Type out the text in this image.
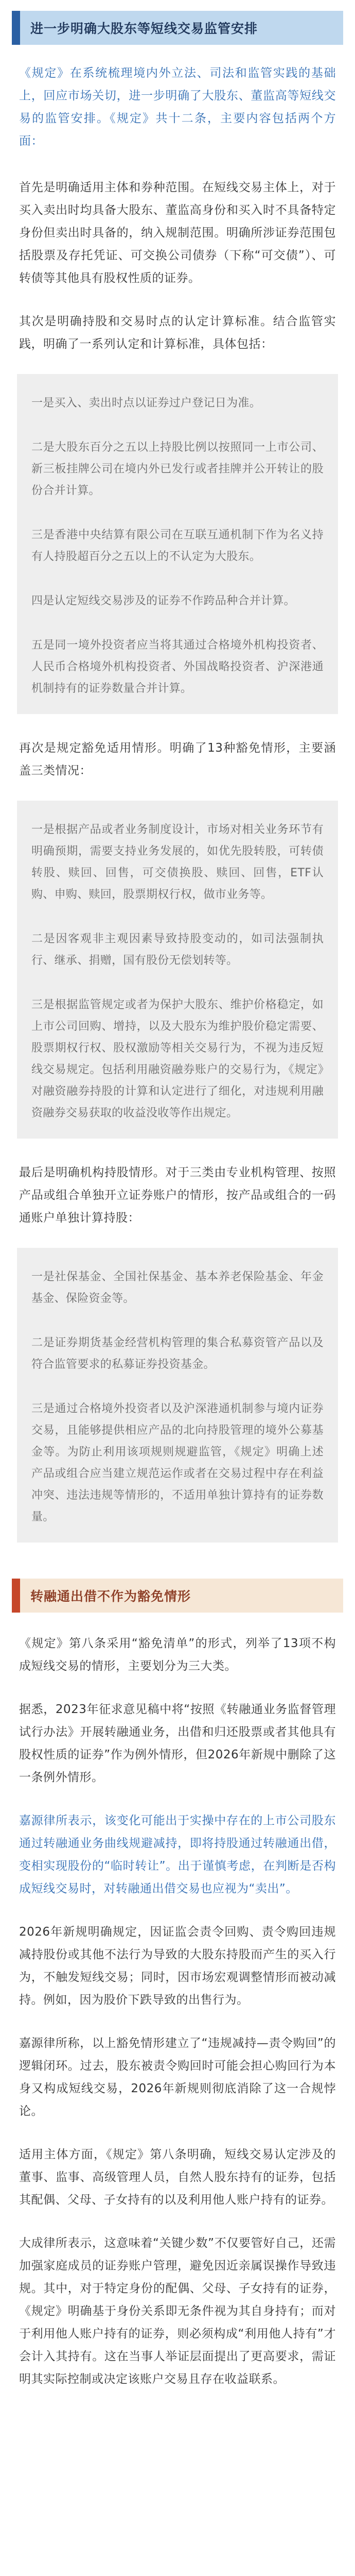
进一步明确大股东等短线交易监管安排

《规定》在系统梳理境内外立法、司法和监管实践的基础上，回应市场关切，进一步明确了大股东、董监高等短线交易的监管安排。《规定》共十二条，主要内容包括两个方面：

首先是明确适用主体和券种范围。在短线交易主体上，对于买入卖出时均具备大股东、董监高身份和买入时不具备特定身份但卖出时具备的，纳入规制范围。明确所涉证券范围包括股票及存托凭证、可交换公司债券（下称“可交债”）、可转债等其他具有股权性质的证券。

其次是明确持股和交易时点的认定计算标准。结合监管实践，明确了一系列认定和计算标准，具体包括：

一是买入、卖出时点以证券过户登记日为准。

二是大股东百分之五以上持股比例以按照同一上市公司、新三板挂牌公司在境内外已发行或者挂牌并公开转让的股份合并计算。

三是香港中央结算有限公司在互联互通机制下作为名义持有人持股超百分之五以上的不认定为大股东。

四是认定短线交易涉及的证券不作跨品种合并计算。

五是同一境外投资者应当将其通过合格境外机构投资者、人民币合格境外机构投资者、外国战略投资者、沪深港通机制持有的证券数量合并计算。

再次是规定豁免适用情形。明确了13种豁免情形，主要涵盖三类情况：

一是根据产品或者业务制度设计，市场对相关业务环节有明确预期，需要支持业务发展的，如优先股转股，可转债转股、赎回、回售，可交债换股、赎回、回售，ETF认购、申购、赎回，股票期权行权，做市业务等。

二是因客观非主观因素导致持股变动的，如司法强制执行、继承、捐赠，国有股份无偿划转等。

三是根据监管规定或者为保护大股东、维护价格稳定，如上市公司回购、增持，以及大股东为维护股价稳定需要、股票期权行权、股权激励等相关交易行为，不视为违反短线交易规定。包括利用融资融券账户的交易行为，《规定》对融资融券持股的计算和认定进行了细化，对违规利用融资融券交易获取的收益没收等作出规定。

最后是明确机构持股情形。对于三类由专业机构管理、按照产品或组合单独开立证券账户的情形，按产品或组合的一码通账户单独计算持股：

一是社保基金、全国社保基金、基本养老保险基金、年金基金、保险资金等。

二是证券期货基金经营机构管理的集合私募资管产品以及符合监管要求的私募证券投资基金。

三是通过合格境外投资者以及沪深港通机制参与境内证券交易，且能够提供相应产品的北向持股管理的境外公募基金等。为防止利用该项规则规避监管，《规定》明确上述产品或组合应当建立规范运作或者在交易过程中存在利益冲突、违法违规等情形的，不适用单独计算持有的证券数量。

转融通出借不作为豁免情形

《规定》第八条采用“豁免清单”的形式，列举了13项不构成短线交易的情形，主要划分为三大类。

据悉，2023年征求意见稿中将“按照《转融通业务监督管理试行办法》开展转融通业务，出借和归还股票或者其他具有股权性质的证券”作为例外情形，但2026年新规中删除了这一条例外情形。

嘉源律所表示，该变化可能出于实操中存在的上市公司股东通过转融通业务曲线规避减持，即将持股通过转融通出借，变相实现股份的“临时转让”。出于谨慎考虑，在判断是否构成短线交易时，对转融通出借交易也应视为“卖出”。

2026年新规明确规定，因证监会责令回购、责令购回违规减持股份或其他不法行为导致的大股东持股而产生的买入行为，不触发短线交易；同时，因市场宏观调整情形而被动减持。例如，因为股价下跌导致的出售行为。

嘉源律所称，以上豁免情形建立了“违规减持—责令购回”的逻辑闭环。过去，股东被责令购回时可能会担心购回行为本身又构成短线交易，2026年新规则彻底消除了这一合规悖论。

适用主体方面，《规定》第八条明确，短线交易认定涉及的董事、监事、高级管理人员，自然人股东持有的证券，包括其配偶、父母、子女持有的以及利用他人账户持有的证券。

大成律所表示，这意味着“关键少数”不仅要管好自己，还需加强家庭成员的证券账户管理，避免因近亲属误操作导致违规。其中，对于特定身份的配偶、父母、子女持有的证券，《规定》明确基于身份关系即无条件视为其自身持有；而对于利用他人账户持有的证券，则必须构成“利用他人持有”才会计入其持有。这在当事人举证层面提出了更高要求，需证明其实际控制或决定该账户交易且存在收益联系。
